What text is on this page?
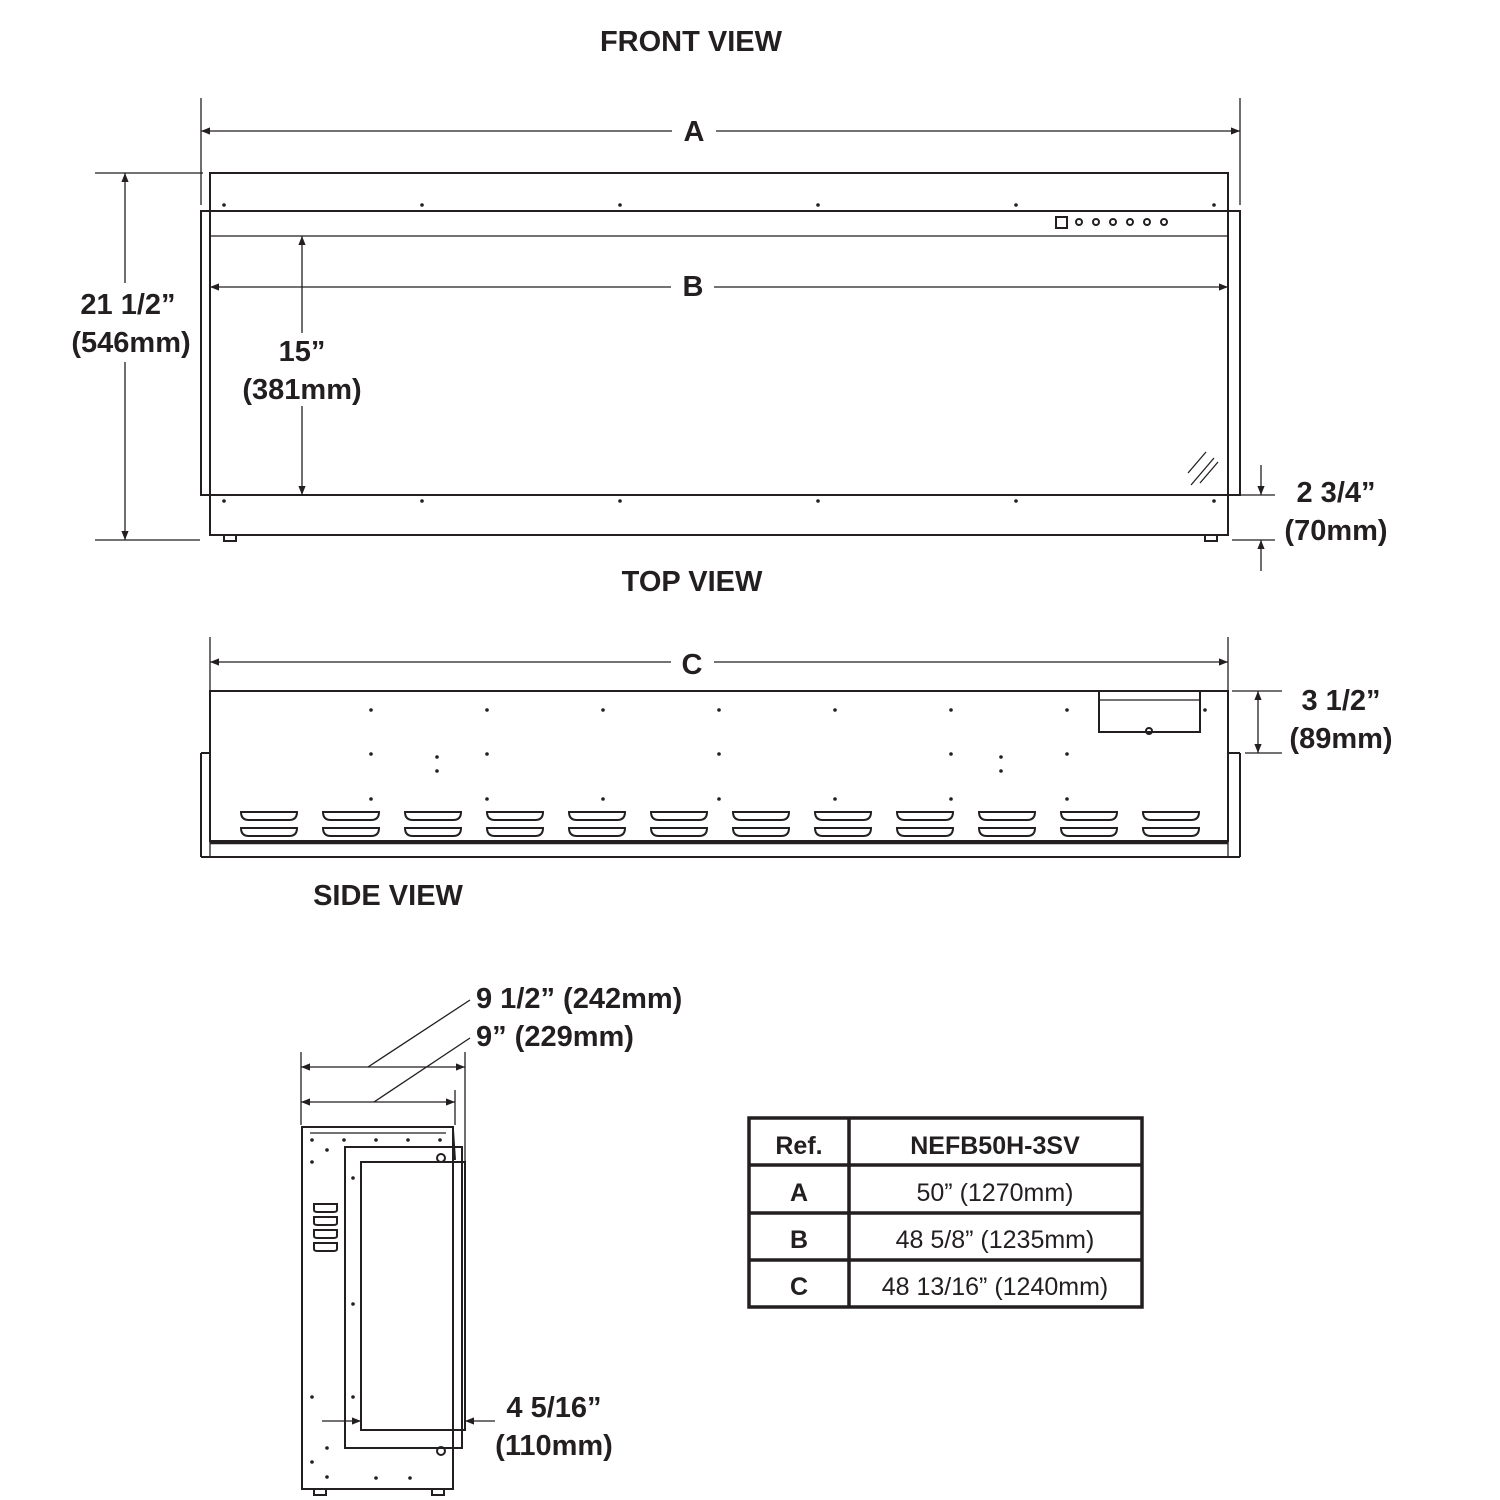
FRONT VIEW
A
B
15”
(381mm)
21 1/2”
(546mm)
2 3/4”
(70mm)
TOP VIEW
C
3 1/2”
(89mm)
SIDE VIEW
9 1/2” (242mm)
9” (229mm)
4 5/16”
(110mm)
Ref.	NEFB50H-3SV
A	50” (1270mm)
B	48 5/8” (1235mm)
C	48 13/16” (1240mm)
